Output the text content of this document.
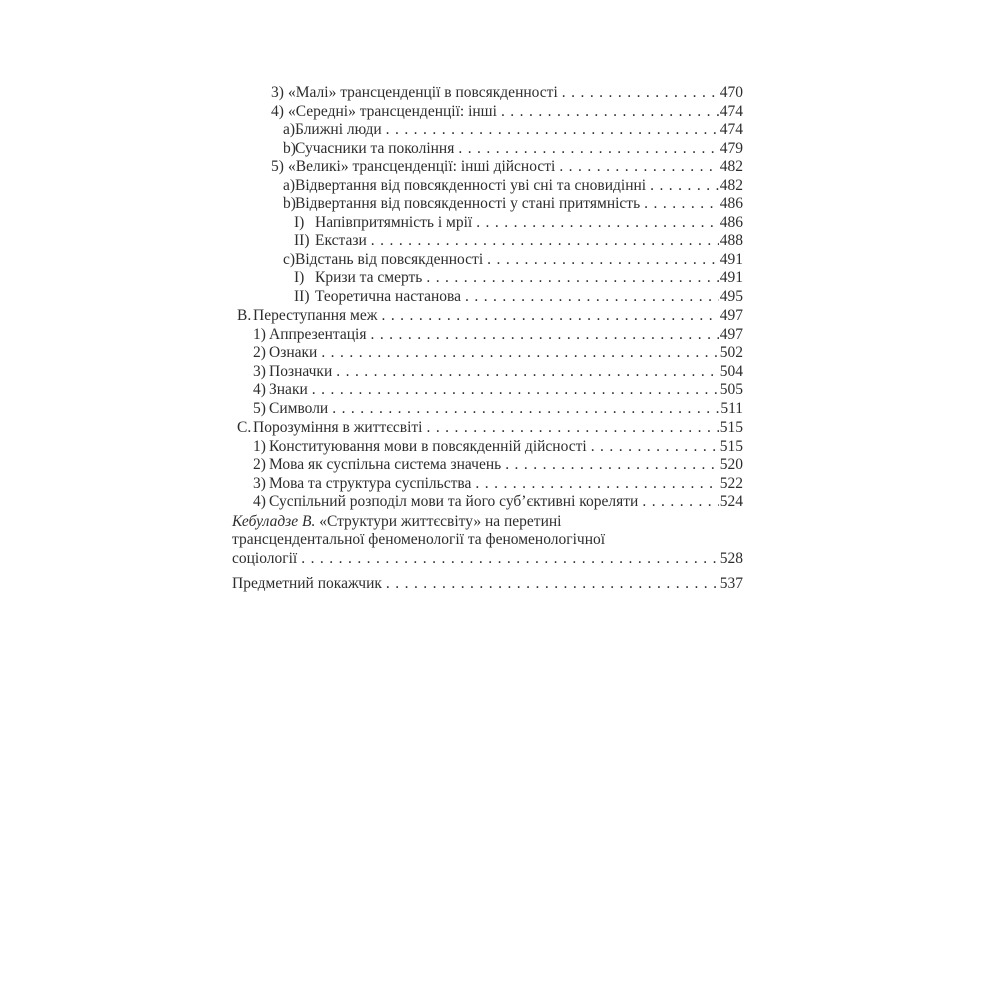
3) «Малі» трансценденції в повсякденності . . .	470
4) «Середні» трансценденції: інші . . .	474
a) Ближні люди . . .	474
b) Сучасники та покоління . . .	479
5) «Великі» трансценденції: інші дійсності . . .	482
a) Відвертання від повсякденності уві сні та сновидінні . . .	482
b) Відвертання від повсякденності у стані притямність . . .	486
I) Напівпритямність і мрії . . .	486
II) Екстази . . .	488
c) Відстань від повсякденності . . .	491
I) Кризи та смерть . . .	491
II) Теоретична настанова . . .	495
В. Переступання меж . . .	497
1) Аппрезентація . . .	497
2) Ознаки . . .	502
3) Позначки . . .	504
4) Знаки . . .	505
5) Символи . . .	511
С. Порозуміння в життєсвіті . . .	515
1) Конституювання мови в повсякденній дійсності . . .	515
2) Мова як суспільна система значень . . .	520
3) Мова та структура суспільства . . .	522
4) Суспільний розподіл мови та його суб’єктивні кореляти . . .	524
Кебуладзе В. «Структури життєсвіту» на перетині
трансцендентальної феноменології та феноменологічної
соціології . . .	528
Предметний покажчик . . .	537
